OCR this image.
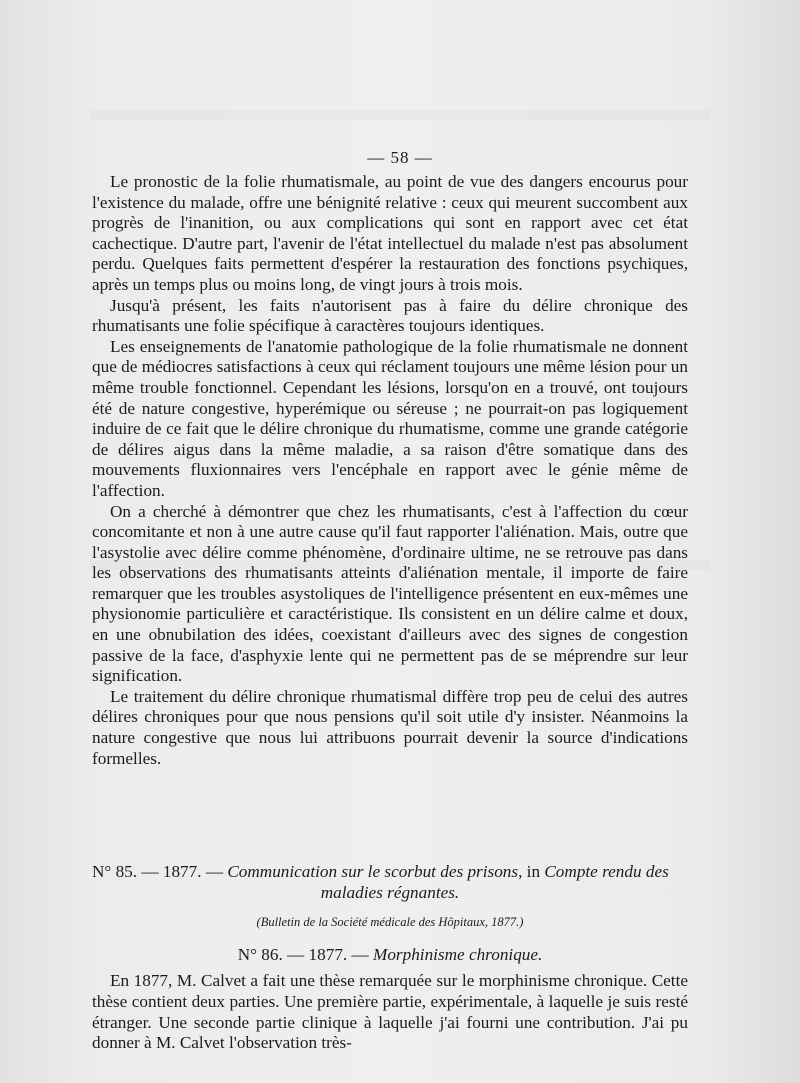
— 58 —

Le pronostic de la folie rhumatismale, au point de vue des dangers encourus pour l'existence du malade, offre une bénignité relative : ceux qui meurent succombent aux progrès de l'inanition, ou aux complications qui sont en rapport avec cet état cachectique. D'autre part, l'avenir de l'état intellectuel du malade n'est pas absolument perdu. Quelques faits permettent d'espérer la restauration des fonctions psychiques, après un temps plus ou moins long, de vingt jours à trois mois.

Jusqu'à présent, les faits n'autorisent pas à faire du délire chronique des rhumatisants une folie spécifique à caractères toujours identiques.

Les enseignements de l'anatomie pathologique de la folie rhumatismale ne donnent que de médiocres satisfactions à ceux qui réclament toujours une même lésion pour un même trouble fonctionnel. Cependant les lésions, lorsqu'on en a trouvé, ont toujours été de nature congestive, hyperémique ou séreuse ; ne pourrait-on pas logiquement induire de ce fait que le délire chronique du rhumatisme, comme une grande catégorie de délires aigus dans la même maladie, a sa raison d'être somatique dans des mouvements fluxionnaires vers l'encéphale en rapport avec le génie même de l'affection.

On a cherché à démontrer que chez les rhumatisants, c'est à l'affection du cœur concomitante et non à une autre cause qu'il faut rapporter l'aliénation. Mais, outre que l'asystolie avec délire comme phénomène, d'ordinaire ultime, ne se retrouve pas dans les observations des rhumatisants atteints d'aliénation mentale, il importe de faire remarquer que les troubles asystoliques de l'intelligence présentent en eux-mêmes une physionomie particulière et caractéristique. Ils consistent en un délire calme et doux, en une obnubilation des idées, coexistant d'ailleurs avec des signes de congestion passive de la face, d'asphyxie lente qui ne permettent pas de se méprendre sur leur signification.

Le traitement du délire chronique rhumatismal diffère trop peu de celui des autres délires chroniques pour que nous pensions qu'il soit utile d'y insister. Néanmoins la nature congestive que nous lui attribuons pourrait devenir la source d'indications formelles.

N° 85. — 1877. — Communication sur le scorbut des prisons, in Compte rendu des

maladies régnantes.

(Bulletin de la Société médicale des Hôpitaux, 1877.)

N° 86. — 1877. — Morphinisme chronique.

En 1877, M. Calvet a fait une thèse remarquée sur le morphinisme chronique. Cette thèse contient deux parties. Une première partie, expérimentale, à laquelle je suis resté étranger. Une seconde partie clinique à laquelle j'ai fourni une contribution. J'ai pu donner à M. Calvet l'observation très-
